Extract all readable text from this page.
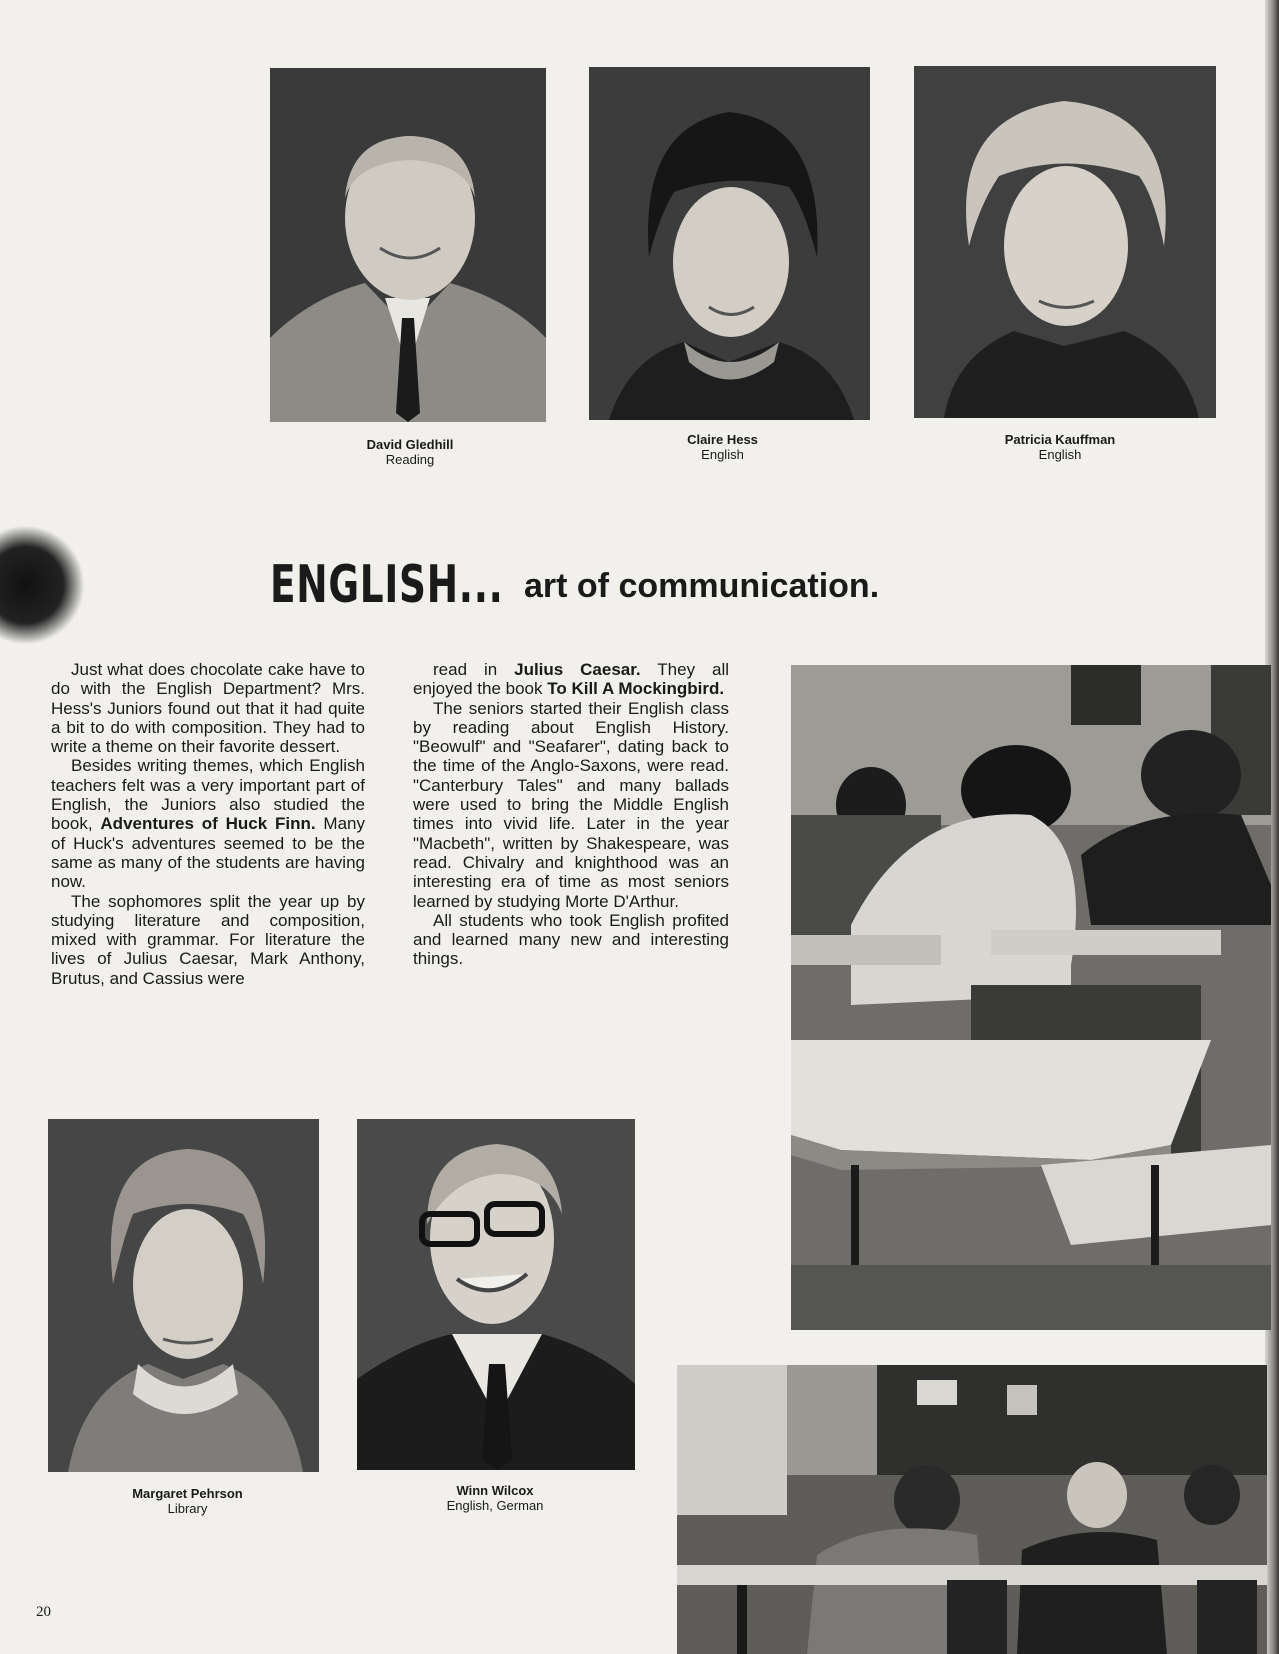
David Gledhill
Reading
Claire Hess
English
Patricia Kauffman
English
ENGLISH... art of communication.

Just what does chocolate cake have to do with the English Department? Mrs. Hess's Juniors found out that it had quite a bit to do with composition. They had to write a theme on their favorite dessert.

Besides writing themes, which English teachers felt was a very important part of English, the Juniors also studied the book, Adventures of Huck Finn. Many of Huck's adventures seemed to be the same as many of the students are having now.

The sophomores split the year up by studying literature and composition, mixed with grammar. For literature the lives of Julius Caesar, Mark Anthony, Brutus, and Cassius were

read in Julius Caesar. They all enjoyed the book To Kill A Mockingbird.

The seniors started their English class by reading about English History. "Beowulf" and "Seafarer", dating back to the time of the Anglo-Saxons, were read. "Canterbury Tales" and many ballads were used to bring the Middle English times into vivid life. Later in the year "Macbeth", written by Shakespeare, was read. Chivalry and knighthood was an interesting era of time as most seniors learned by studying Morte D'Arthur.

All students who took English profited and learned many new and interesting things.

Margaret Pehrson
Library
Winn Wilcox
English, German
20
